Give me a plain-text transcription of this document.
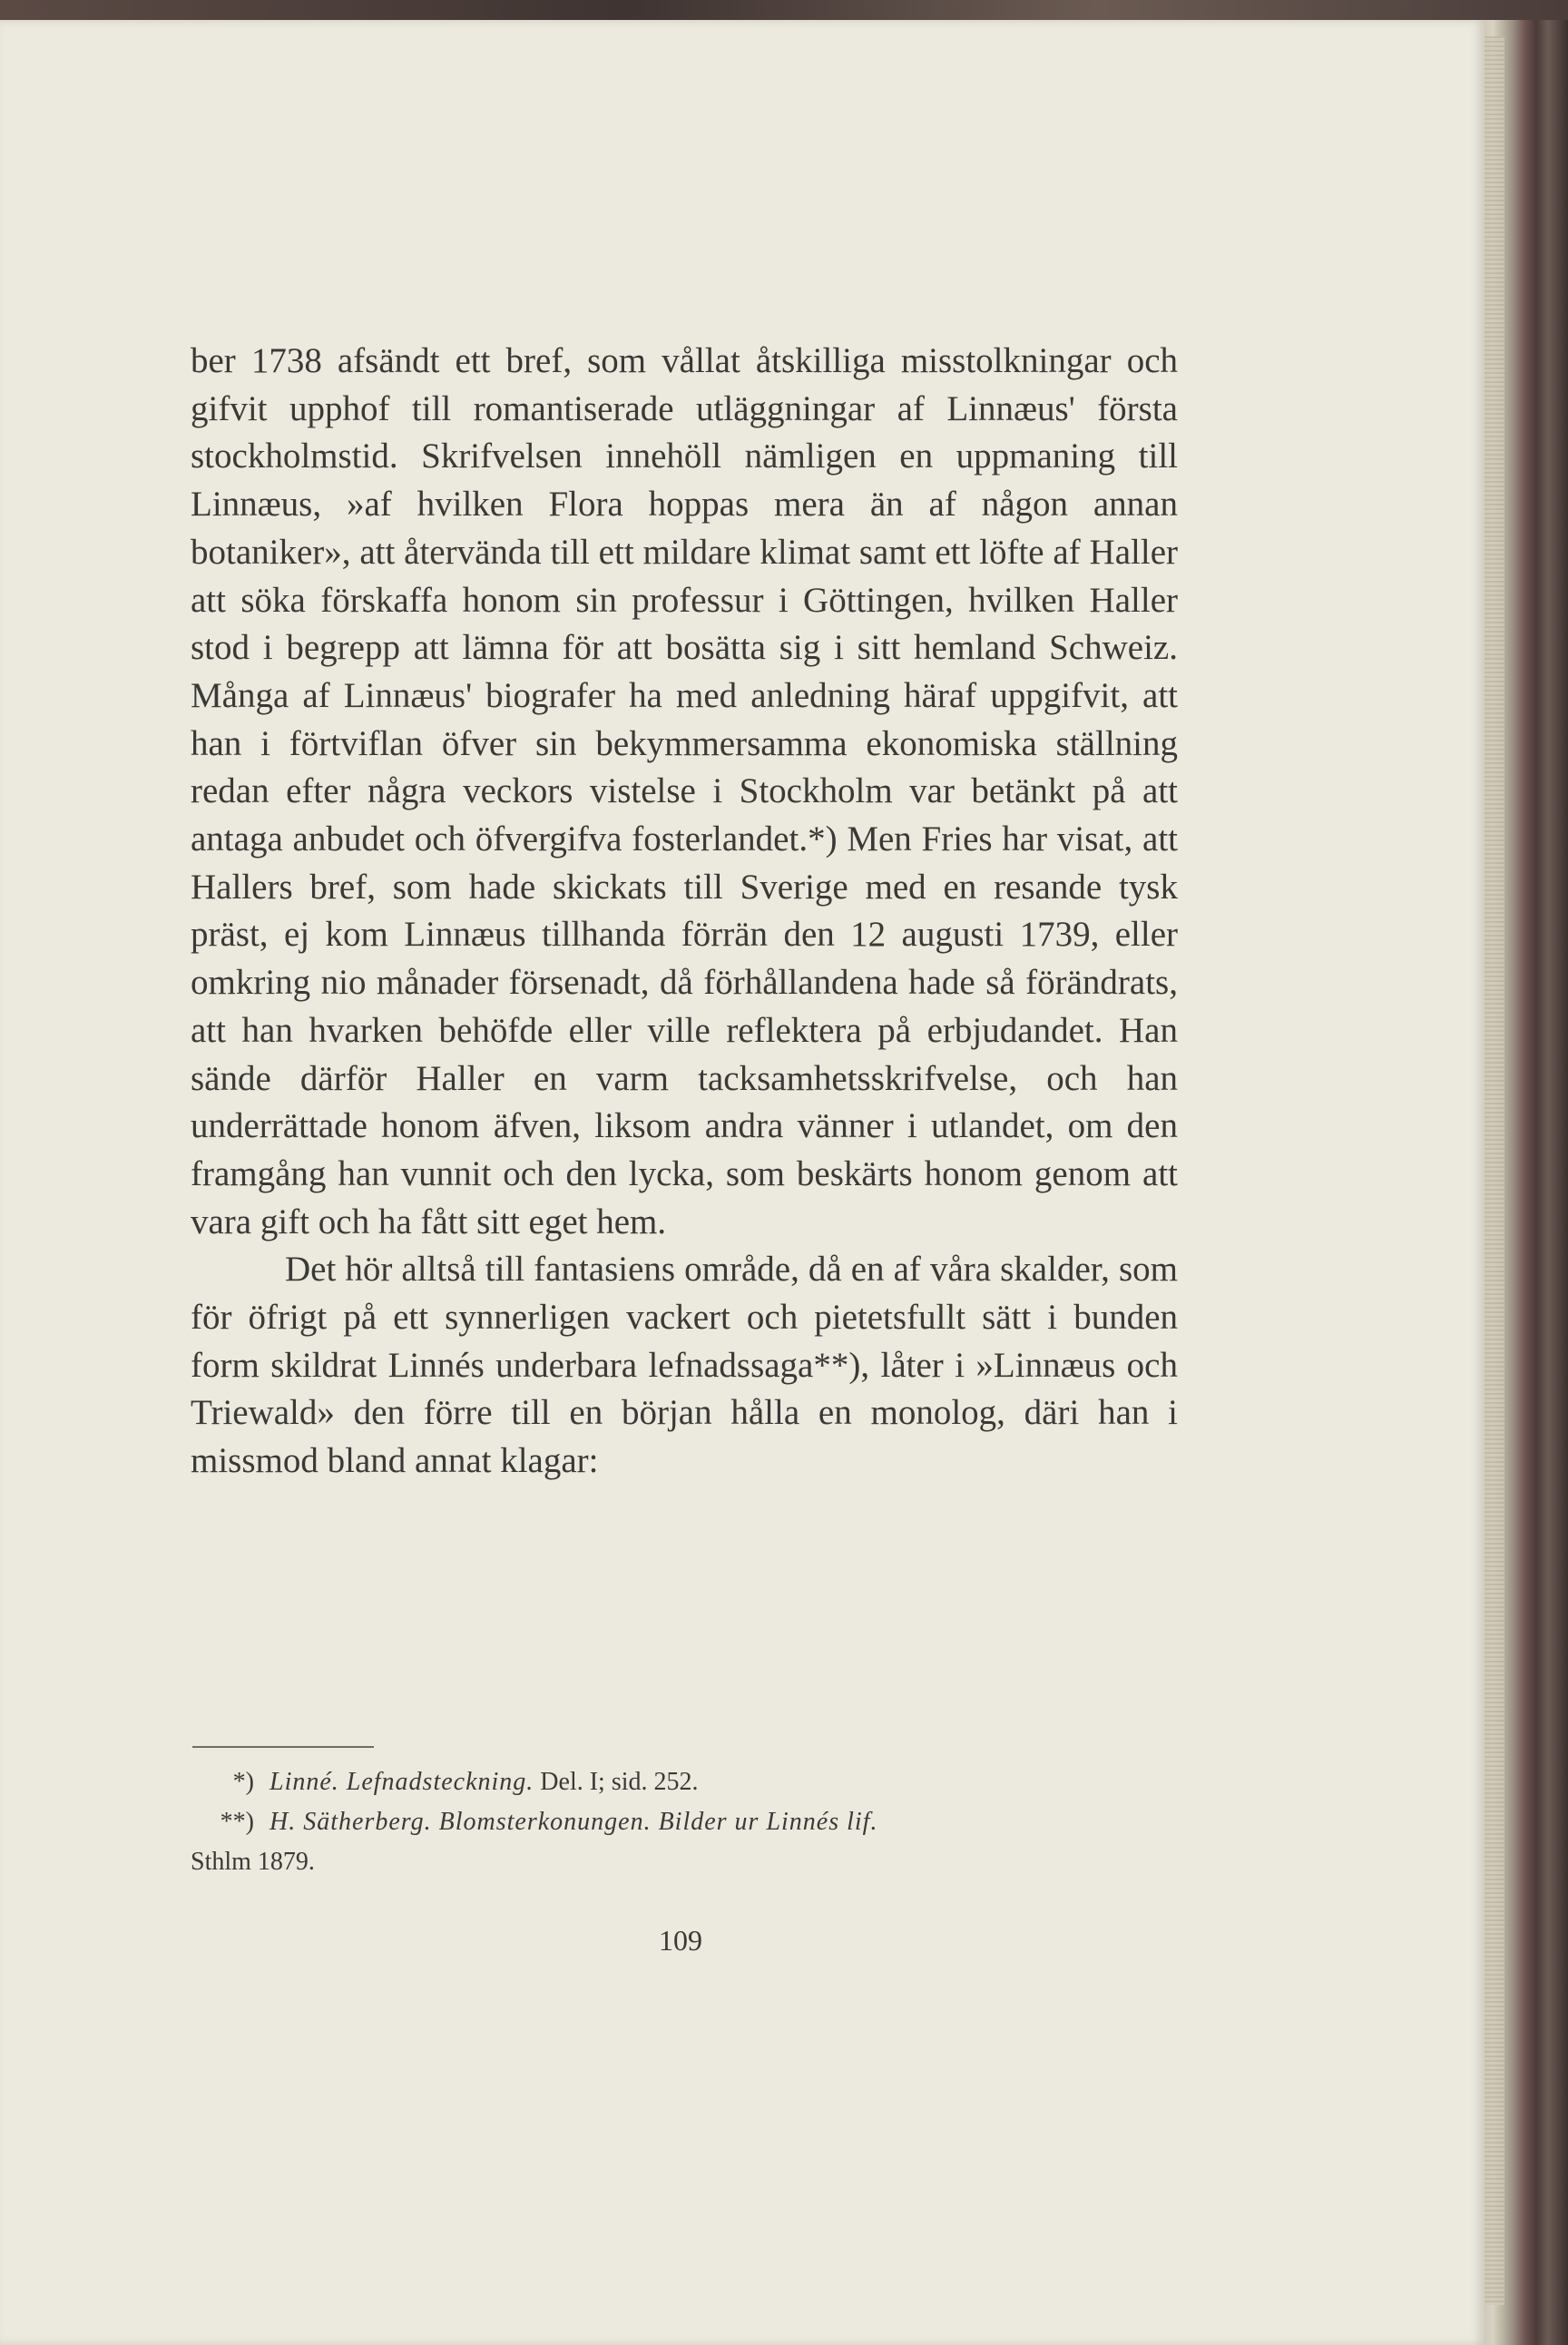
ber 1738 afsändt ett bref, som vållat åtskilliga misstolkningar och gifvit upphof till romantiserade utläggningar af Linnæus' första stockholmstid. Skrifvelsen innehöll nämligen en uppmaning till Linnæus, »af hvilken Flora hoppas mera än af någon annan botaniker», att återvända till ett mildare klimat samt ett löfte af Haller att söka förskaffa honom sin professur i Göttingen, hvilken Haller stod i begrepp att lämna för att bosätta sig i sitt hemland Schweiz. Många af Linnæus' biografer ha med anledning häraf uppgifvit, att han i förtviflan öfver sin bekymmersamma ekonomiska ställning redan efter några veckors vistelse i Stockholm var betänkt på att antaga anbudet och öfvergifva fosterlandet.*) Men Fries har visat, att Hallers bref, som hade skickats till Sverige med en resande tysk präst, ej kom Linnæus tillhanda förrän den 12 augusti 1739, eller omkring nio månader försenadt, då förhållandena hade så förändrats, att han hvarken behöfde eller ville reflektera på erbjudandet. Han sände därför Haller en varm tacksamhetsskrifvelse, och han underrättade honom äfven, liksom andra vänner i utlandet, om den framgång han vunnit och den lycka, som beskärts honom genom att vara gift och ha fått sitt eget hem.

Det hör alltså till fantasiens område, då en af våra skalder, som för öfrigt på ett synnerligen vackert och pietetsfullt sätt i bunden form skildrat Linnés underbara lefnadssaga**), låter i »Linnæus och Triewald» den förre till en början hålla en monolog, däri han i missmod bland annat klagar:

*) Linné. Lefnadsteckning. Del. I; sid. 252.

**) H. Sätherberg. Blomsterkonungen. Bilder ur Linnés lif.
Sthlm 1879.

109
